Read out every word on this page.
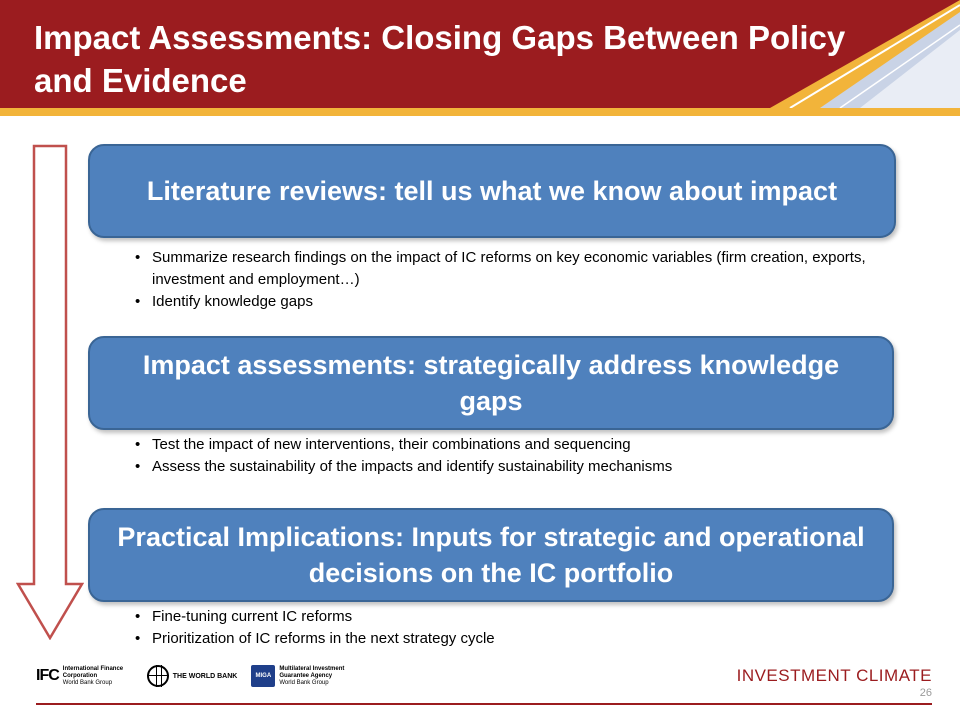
Impact Assessments: Closing Gaps Between Policy and Evidence
Literature reviews: tell us what we know about impact
• Summarize research findings on the impact of IC reforms on key economic variables (firm creation, exports, investment and employment…)
• Identify knowledge gaps
Impact assessments: strategically address knowledge gaps
• Test the impact of new interventions, their combinations and sequencing
• Assess the sustainability of the impacts and identify sustainability mechanisms
Practical Implications: Inputs for strategic and operational decisions on the IC portfolio
• Fine-tuning current IC reforms
• Prioritization of IC reforms in the next strategy cycle
IFC International Finance Corporation
World Bank Group
THE WORLD BANK	MIGA
Multilateral Investment Guarantee Agency
World Bank Group	INVESTMENT CLIMATE
26
